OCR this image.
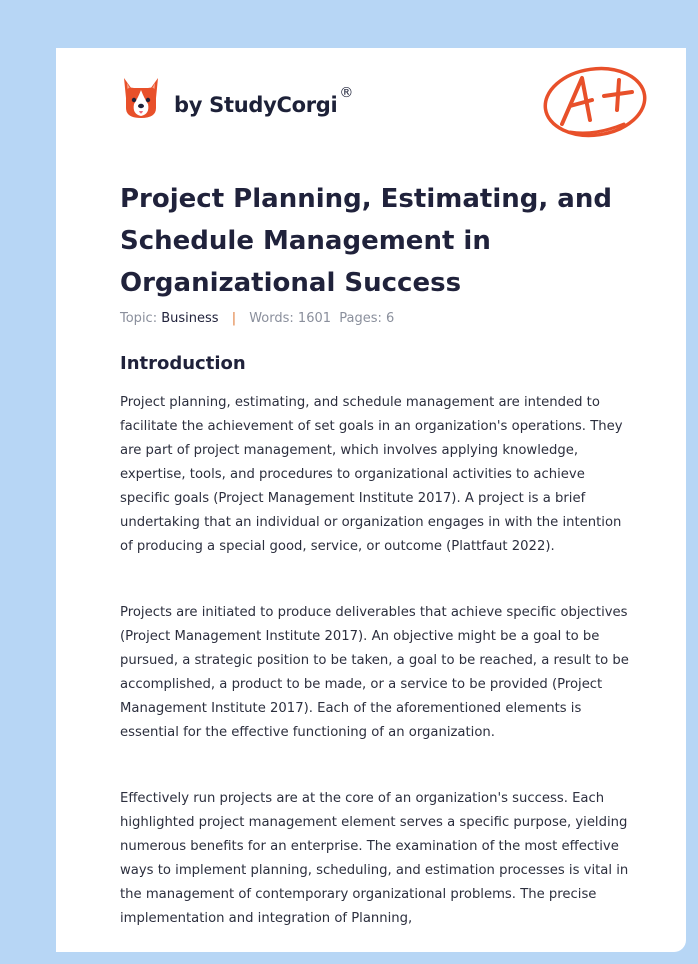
by StudyCorgi ®
Project Planning, Estimating, and Schedule Management in Organizational Success
Topic: Business | Words: 1601 Pages: 6
Introduction

Project planning, estimating, and schedule management are intended to facilitate the achievement of set goals in an organization's operations. They are part of project management, which involves applying knowledge, expertise, tools, and procedures to organizational activities to achieve specific goals (Project Management Institute 2017). A project is a brief undertaking that an individual or organization engages in with the intention of producing a special good, service, or outcome (Plattfaut 2022).

Projects are initiated to produce deliverables that achieve specific objectives (Project Management Institute 2017). An objective might be a goal to be pursued, a strategic position to be taken, a goal to be reached, a result to be accomplished, a product to be made, or a service to be provided (Project Management Institute 2017). Each of the aforementioned elements is essential for the effective functioning of an organization.

Effectively run projects are at the core of an organization's success. Each highlighted project management element serves a specific purpose, yielding numerous benefits for an enterprise. The examination of the most effective ways to implement planning, scheduling, and estimation processes is vital in the management of contemporary organizational problems. The precise implementation and integration of Planning,
